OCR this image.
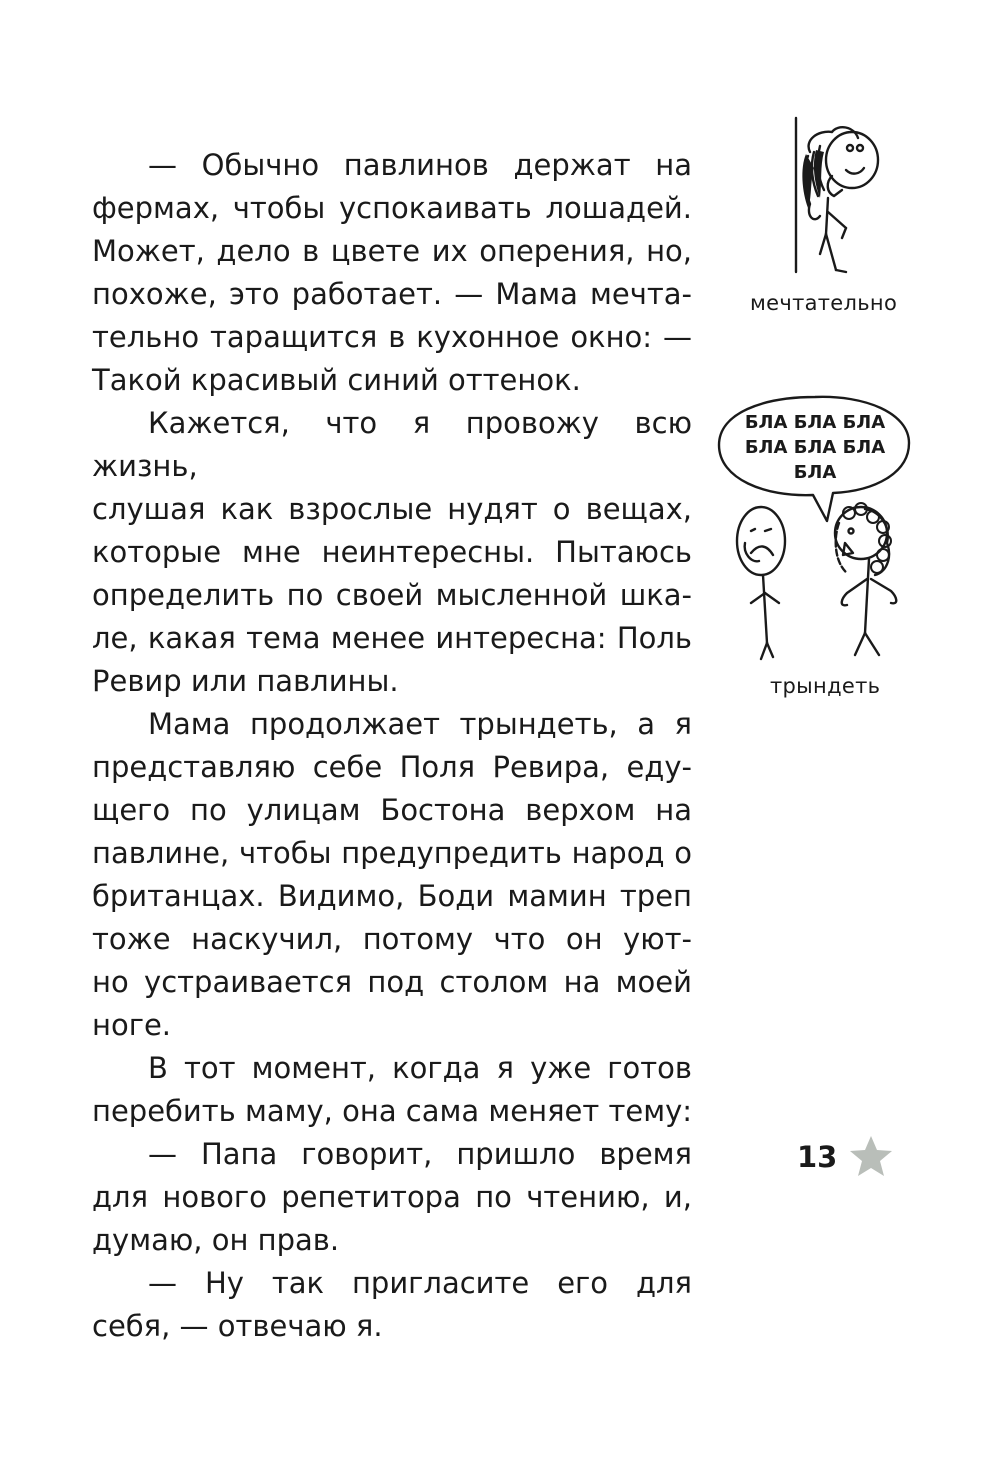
— Обычно павлинов держат на

фермах, чтобы успокаивать лошадей.
Может, дело в цвете их оперения, но,
похоже, это работает. — Мама мечта-
тельно таращится в кухонное окно: —
Такой красивый синий оттенок.

Кажется, что я провожу всю жизнь,

слушая как взрослые нудят о вещах,
которые мне неинтересны. Пытаюсь
определить по своей мысленной шка-
ле, какая тема менее интересна: Поль
Ревир или павлины.

Мама продолжает трындеть, а я

представляю себе Поля Ревира, еду-
щего по улицам Бостона верхом на
павлине, чтобы предупредить народ о
британцах. Видимо, Боди мамин треп
тоже наскучил, потому что он уют-
но устраивается под столом на моей
ноге.

В тот момент, когда я уже готов

перебить маму, она сама меняет тему:

— Папа говорит, пришло время

для нового репетитора по чтению, и,
думаю, он прав.

— Ну так пригласите его для

себя, — отвечаю я.

мечтательно
БЛА БЛА БЛА
БЛА БЛА БЛА
БЛА
трындеть
13
